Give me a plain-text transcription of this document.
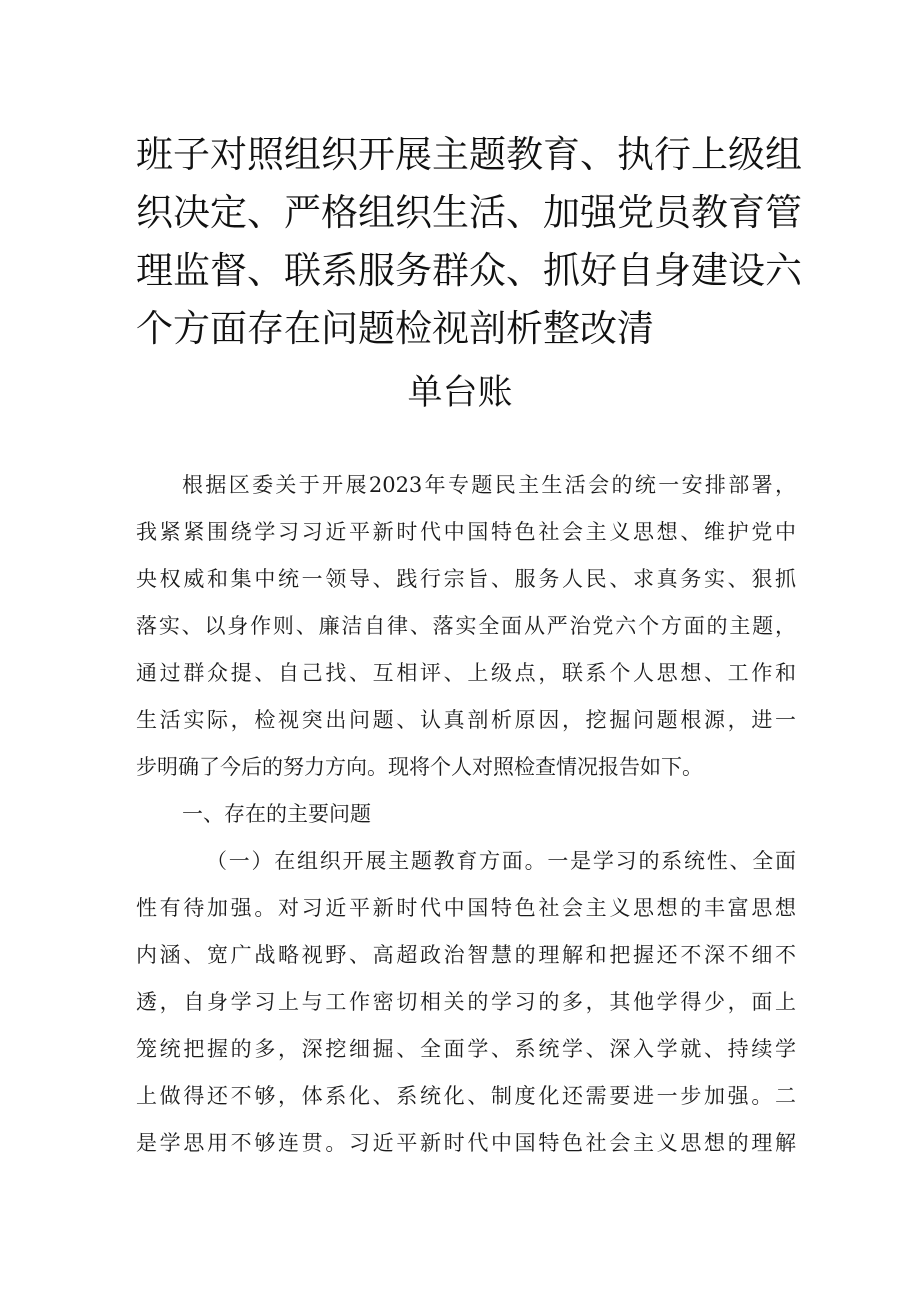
班子对照组织开展主题教育、执行上级组
织决定、严格组织生活、加强党员教育管
理监督、联系服务群众、抓好自身建设六
个方面存在问题检视剖析整改清
单台账
根据区委关于开展2023年专题民主生活会的统一安排部署，
我紧紧围绕学习习近平新时代中国特色社会主义思想、维护党中
央权威和集中统一领导、践行宗旨、服务人民、求真务实、狠抓
落实、以身作则、廉洁自律、落实全面从严治党六个方面的主题，
通过群众提、自己找、互相评、上级点，联系个人思想、工作和
生活实际，检视突出问题、认真剖析原因，挖掘问题根源，进一
步明确了今后的努力方向。现将个人对照检查情况报告如下。
一、存在的主要问题
（一）在组织开展主题教育方面。一是学习的系统性、全面
性有待加强。对习近平新时代中国特色社会主义思想的丰富思想
内涵、宽广战略视野、高超政治智慧的理解和把握还不深不细不
透，自身学习上与工作密切相关的学习的多，其他学得少，面上
笼统把握的多，深挖细掘、全面学、系统学、深入学就、持续学
上做得还不够，体系化、系统化、制度化还需要进一步加强。二
是学思用不够连贯。习近平新时代中国特色社会主义思想的理解
